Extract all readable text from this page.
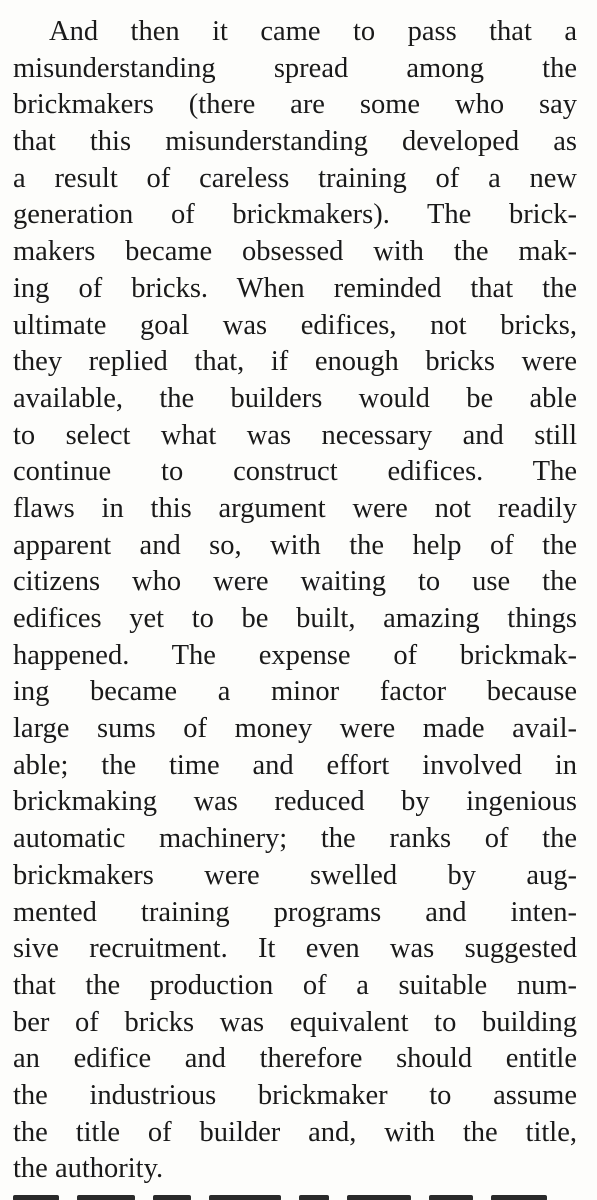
And then it came to pass that a
misunderstanding spread among the
brickmakers (there are some who say
that this misunderstanding developed as
a result of careless training of a new
generation of brickmakers). The brick-
makers became obsessed with the mak-
ing of bricks. When reminded that the
ultimate goal was edifices, not bricks,
they replied that, if enough bricks were
available, the builders would be able
to select what was necessary and still
continue to construct edifices. The
flaws in this argument were not readily
apparent and so, with the help of the
citizens who were waiting to use the
edifices yet to be built, amazing things
happened. The expense of brickmak-
ing became a minor factor because
large sums of money were made avail-
able; the time and effort involved in
brickmaking was reduced by ingenious
automatic machinery; the ranks of the
brickmakers were swelled by aug-
mented training programs and inten-
sive recruitment. It even was suggested
that the production of a suitable num-
ber of bricks was equivalent to building
an edifice and therefore should entitle
the industrious brickmaker to assume
the title of builder and, with the title,
the authority.
